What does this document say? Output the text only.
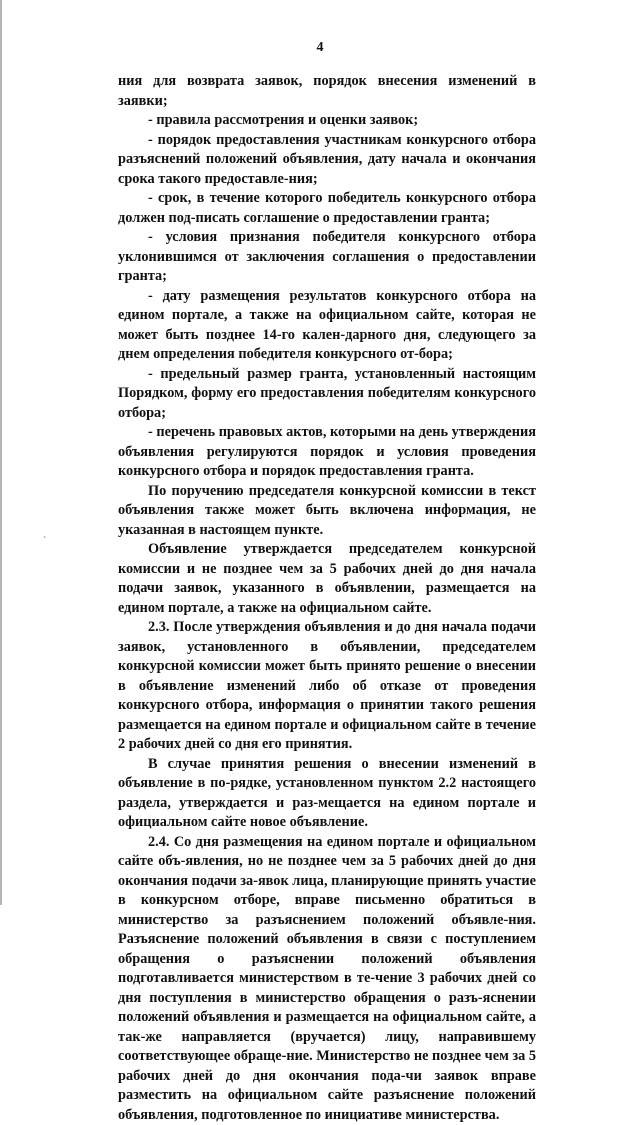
4
`

ния для возврата заявок, порядок внесения изменений в заявки;

- правила рассмотрения и оценки заявок;

- порядок предоставления участникам конкурсного отбора разъяснений положений объявления, дату начала и окончания срока такого предоставле-ния;

- срок, в течение которого победитель конкурсного отбора должен под-писать соглашение о предоставлении гранта;

- условия признания победителя конкурсного отбора уклонившимся от заключения соглашения о предоставлении гранта;

- дату размещения результатов конкурсного отбора на едином портале, а также на официальном сайте, которая не может быть позднее 14-го кален-дарного дня, следующего за днем определения победителя конкурсного от-бора;

- предельный размер гранта, установленный настоящим Порядком, форму его предоставления победителям конкурсного отбора;

- перечень правовых актов, которыми на день утверждения объявления регулируются порядок и условия проведения конкурсного отбора и порядок предоставления гранта.

По поручению председателя конкурсной комиссии в текст объявления также может быть включена информация, не указанная в настоящем пункте.

Объявление утверждается председателем конкурсной комиссии и не позднее чем за 5 рабочих дней до дня начала подачи заявок, указанного в объявлении, размещается на едином портале, а также на официальном сайте.

2.3. После утверждения объявления и до дня начала подачи заявок, установленного в объявлении, председателем конкурсной комиссии может быть принято решение о внесении в объявление изменений либо об отказе от проведения конкурсного отбора, информация о принятии такого решения размещается на едином портале и официальном сайте в течение 2 рабочих дней со дня его принятия.

В случае принятия решения о внесении изменений в объявление в по-рядке, установленном пунктом 2.2 настоящего раздела, утверждается и раз-мещается на едином портале и официальном сайте новое объявление.

2.4. Со дня размещения на едином портале и официальном сайте объ-явления, но не позднее чем за 5 рабочих дней до дня окончания подачи за-явок лица, планирующие принять участие в конкурсном отборе, вправе письменно обратиться в министерство за разъяснением положений объявле-ния. Разъяснение положений объявления в связи с поступлением обращения о разъяснении положений объявления подготавливается министерством в те-чение 3 рабочих дней со дня поступления в министерство обращения о разъ-яснении положений объявления и размещается на официальном сайте, а так-же направляется (вручается) лицу, направившему соответствующее обраще-ние. Министерство не позднее чем за 5 рабочих дней до дня окончания пода-чи заявок вправе разместить на официальном сайте разъяснение положений объявления, подготовленное по инициативе министерства.
